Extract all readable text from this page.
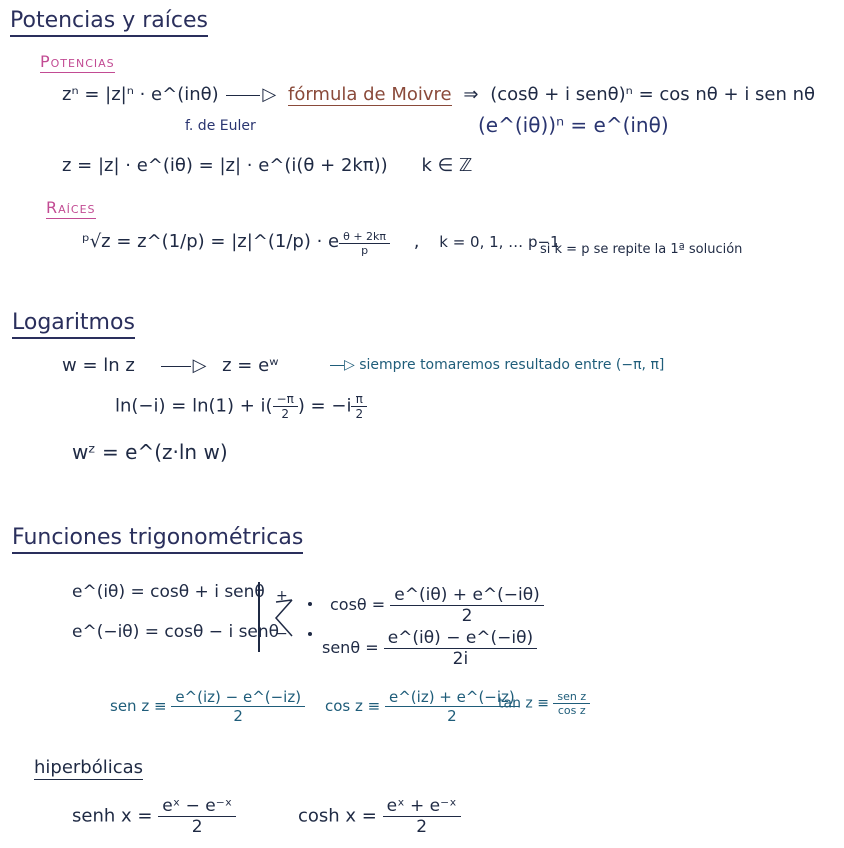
Potencias y raíces
Potencias
zⁿ = |z|ⁿ · e^(inθ) ▷ fórmula de Moivre ⇒ (cosθ + i senθ)ⁿ = cos nθ + i sen nθ
f. de Euler	(e^(iθ))ⁿ = e^(inθ)
z = |z| · e^(iθ) = |z| · e^(i(θ + 2kπ)) k ∈ ℤ
Raíces
ᵖ√z = z^(1/p) = |z|^(1/p) · e $\frac{\theta + 2k\pi}{p}$ , k = 0, 1, … p−1
si k = p se repite la 1ª solución
Logaritmos
w = ln z	▷ z = eʷ	▷ siempre tomaremos resultado entre (−π, π]
$\ln(-i) = \ln(1) + i( \frac{-\pi}{2}$ ) = $-i \frac{\pi}{2}$
wᶻ = e^(z·ln w)
Funciones trigonométricas
e^(iθ) = cosθ + i senθ
e^(−iθ) = cosθ − i senθ
+
−
$\cos\theta = \frac{e\^{}(i\theta) + e\^{}(-i\theta)}{2}$
$sen\theta = \frac{e\^{}(i\theta) - e\^{}(-i\theta)}{2i}$
sen $z \equiv \frac{e\^{}(iz) - e\^{}(-iz)}{2}$ $\cos z \equiv \frac{e\^{}(iz) + e\^{}(-iz)}{2}$
$\tan z \equiv \frac{\text{sen z}}{\text{cos z}}$
hiperbólicas
senh $x = \frac{\text{eˣ − e⁻ˣ}}{2}$	$\cosh x = \frac{\text{eˣ + e⁻ˣ}}{2}$
